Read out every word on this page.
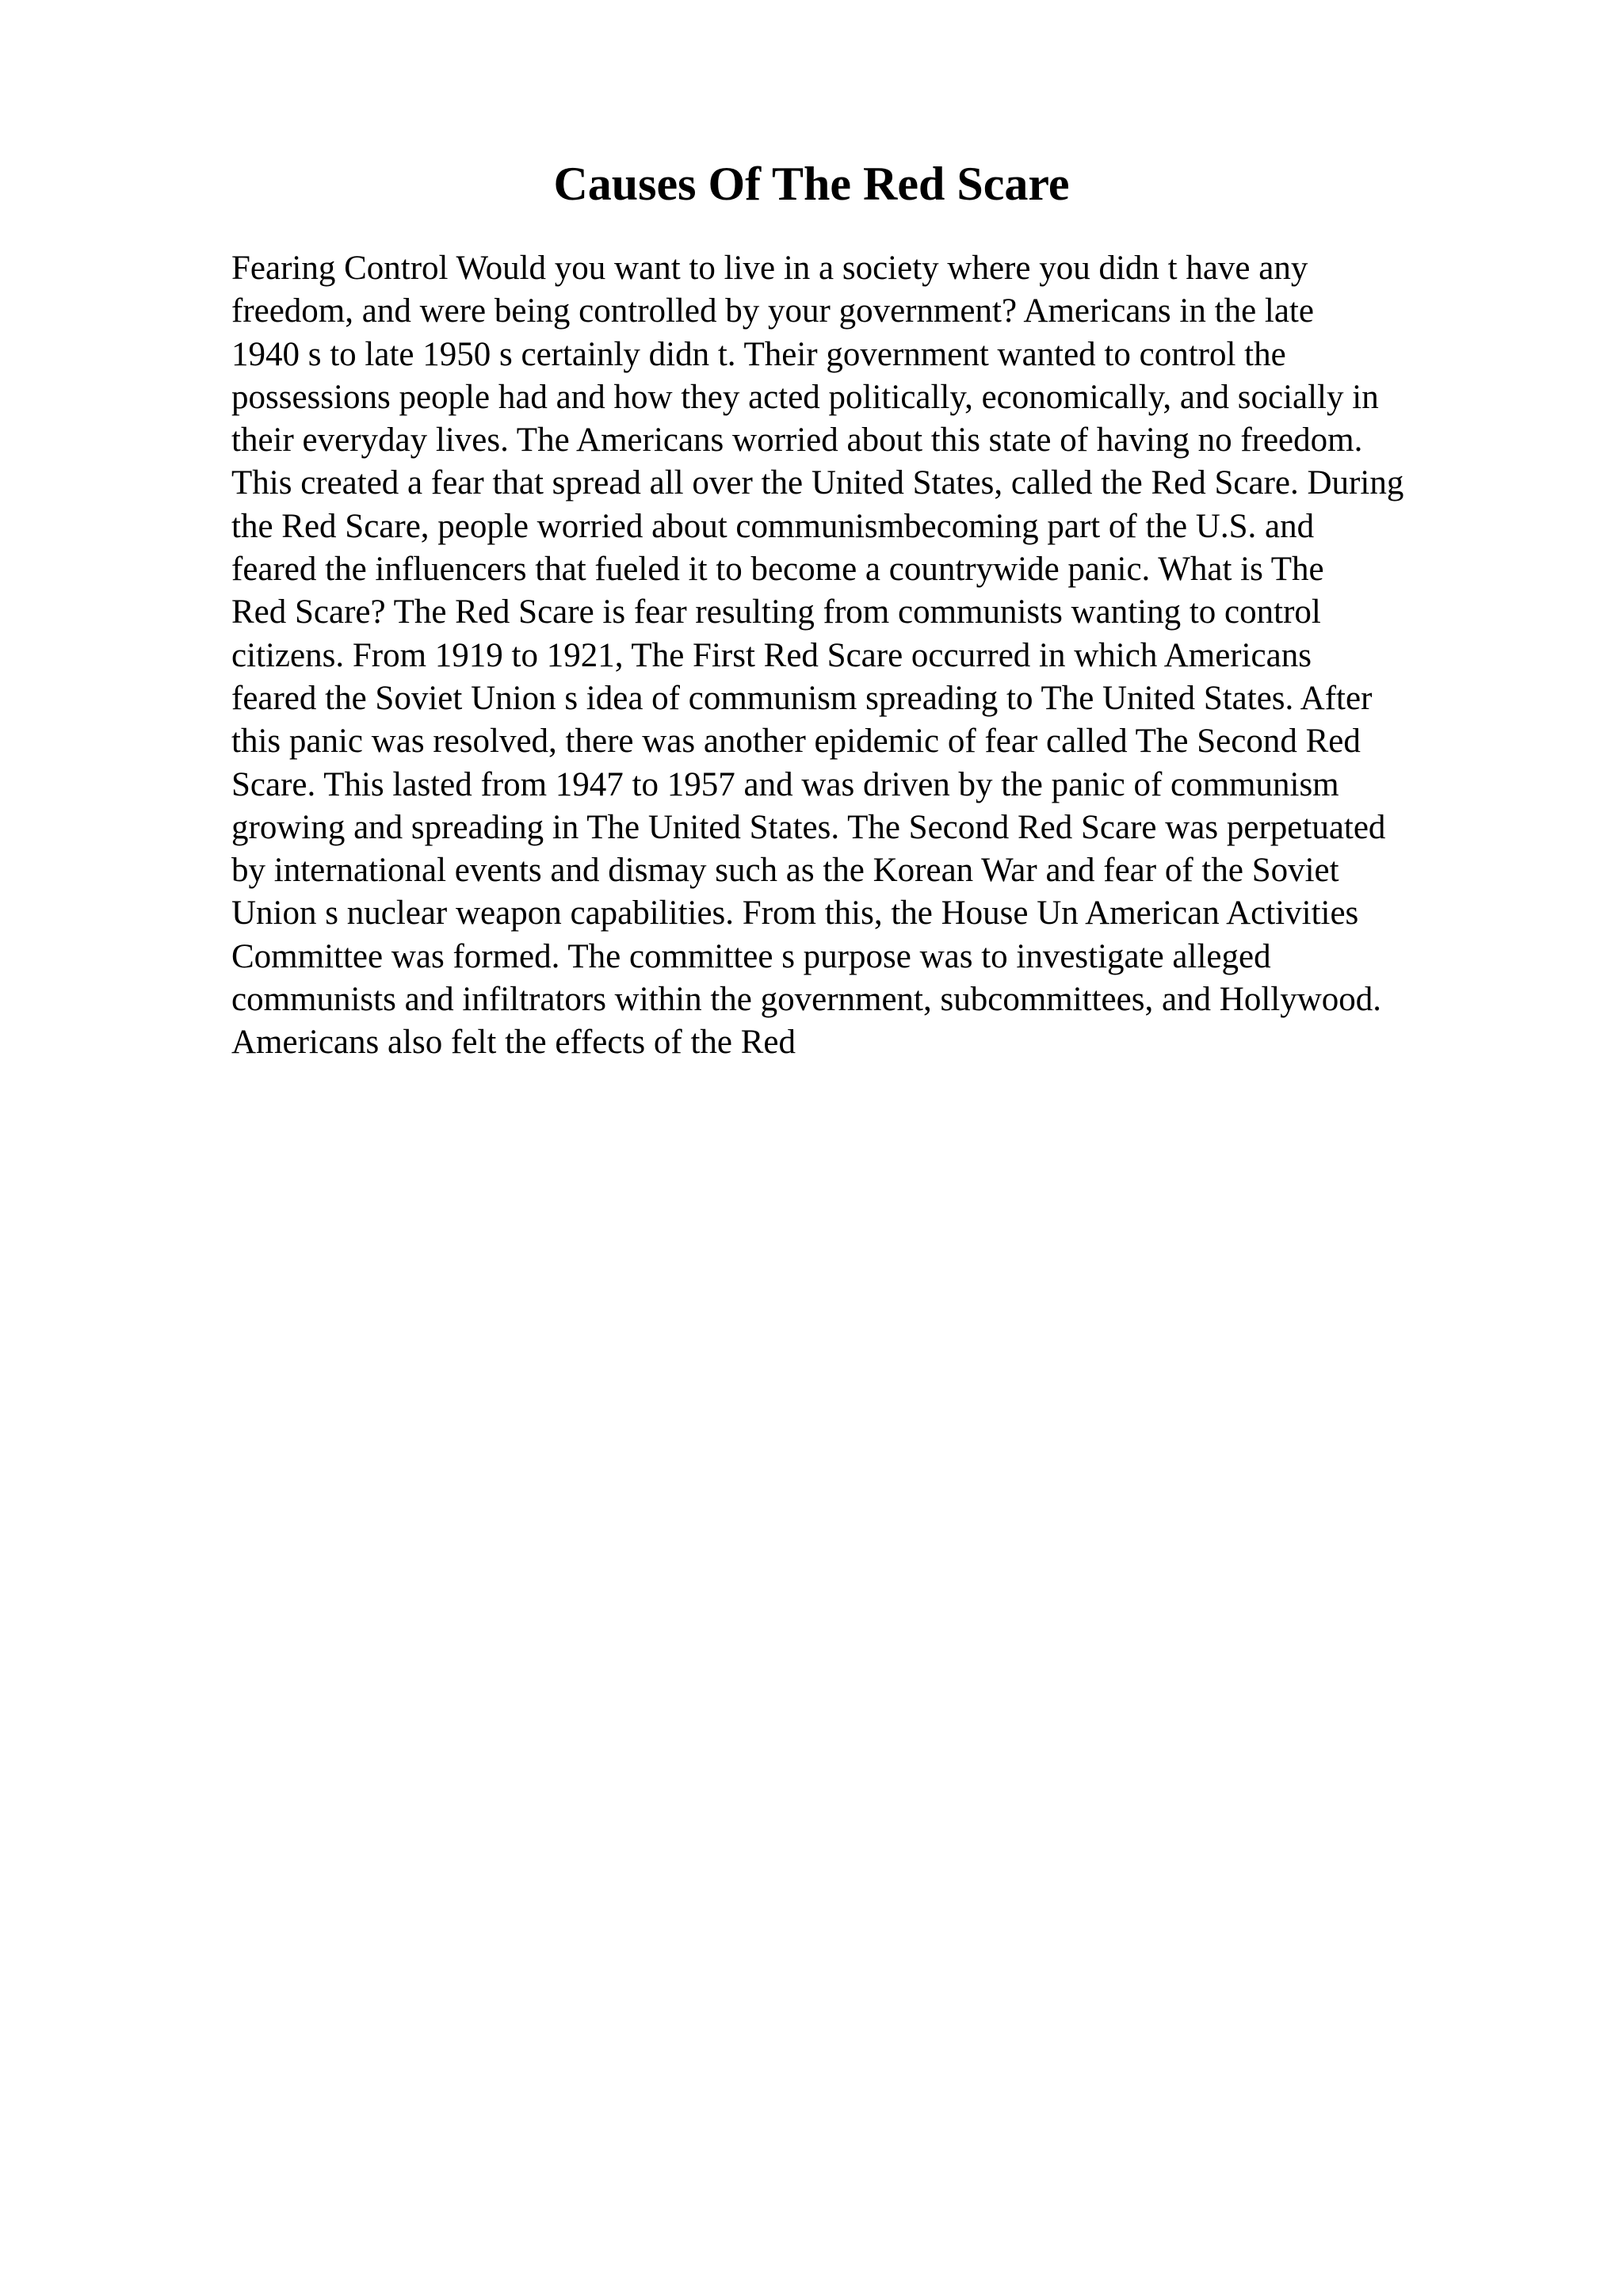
Causes Of The Red Scare
Fearing Control Would you want to live in a society where you didn t have any
freedom, and were being controlled by your government? Americans in the late
1940 s to late 1950 s certainly didn t. Their government wanted to control the
possessions people had and how they acted politically, economically, and socially in
their everyday lives. The Americans worried about this state of having no freedom.
This created a fear that spread all over the United States, called the Red Scare. During
the Red Scare, people worried about communismbecoming part of the U.S. and
feared the influencers that fueled it to become a countrywide panic. What is The
Red Scare? The Red Scare is fear resulting from communists wanting to control
citizens. From 1919 to 1921, The First Red Scare occurred in which Americans
feared the Soviet Union s idea of communism spreading to The United States. After
this panic was resolved, there was another epidemic of fear called The Second Red
Scare. This lasted from 1947 to 1957 and was driven by the panic of communism
growing and spreading in The United States. The Second Red Scare was perpetuated
by international events and dismay such as the Korean War and fear of the Soviet
Union s nuclear weapon capabilities. From this, the House Un American Activities
Committee was formed. The committee s purpose was to investigate alleged
communists and infiltrators within the government, subcommittees, and Hollywood.
Americans also felt the effects of the Red
